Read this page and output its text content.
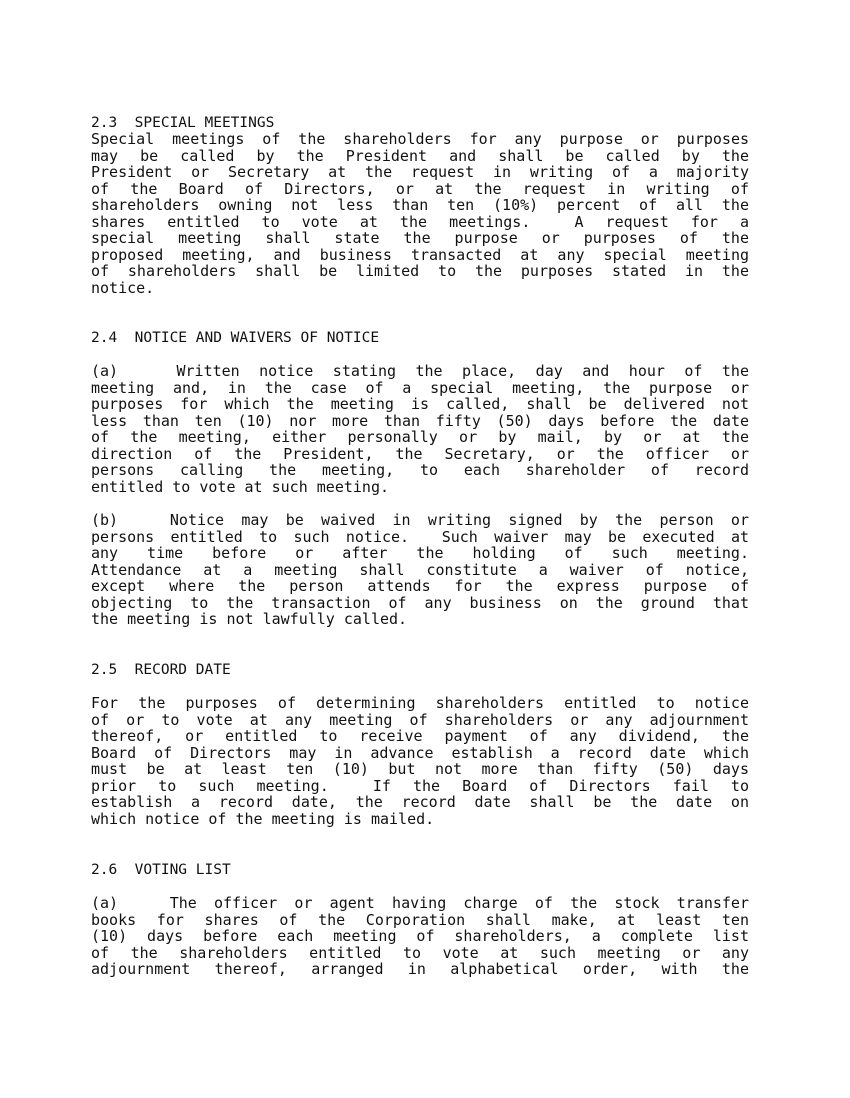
2.3  SPECIAL MEETINGS
Special meetings of the shareholders for any purpose or purposes
may be called by the President and shall be called by the
President or Secretary at the request in writing of a majority
of the Board of Directors, or at the request in writing of
shareholders owning not less than ten (10%) percent of all the
shares entitled to vote at the meetings.  A request for a
special meeting shall state the purpose or purposes of the
proposed meeting, and business transacted at any special meeting
of shareholders shall be limited to the purposes stated in the
notice.
2.4  NOTICE AND WAIVERS OF NOTICE
(a)   Written notice stating the place, day and hour of the
meeting and, in the case of a special meeting, the purpose or
purposes for which the meeting is called, shall be delivered not
less than ten (10) nor more than fifty (50) days before the date
of the meeting, either personally or by mail, by or at the
direction of the President, the Secretary, or the officer or
persons calling the meeting, to each shareholder of record
entitled to vote at such meeting.
(b)   Notice may be waived in writing signed by the person or
persons entitled to such notice.  Such waiver may be executed at
any time before or after the holding of such meeting.
Attendance at a meeting shall constitute a waiver of notice,
except where the person attends for the express purpose of
objecting to the transaction of any business on the ground that
the meeting is not lawfully called.
2.5  RECORD DATE
For the purposes of determining shareholders entitled to notice
of or to vote at any meeting of shareholders or any adjournment
thereof, or entitled to receive payment of any dividend, the
Board of Directors may in advance establish a record date which
must be at least ten (10) but not more than fifty (50) days
prior to such meeting.  If the Board of Directors fail to
establish a record date, the record date shall be the date on
which notice of the meeting is mailed.
2.6  VOTING LIST
(a)   The officer or agent having charge of the stock transfer
books for shares of the Corporation shall make, at least ten
(10) days before each meeting of shareholders, a complete list
of the shareholders entitled to vote at such meeting or any
adjournment thereof, arranged in alphabetical order, with the
